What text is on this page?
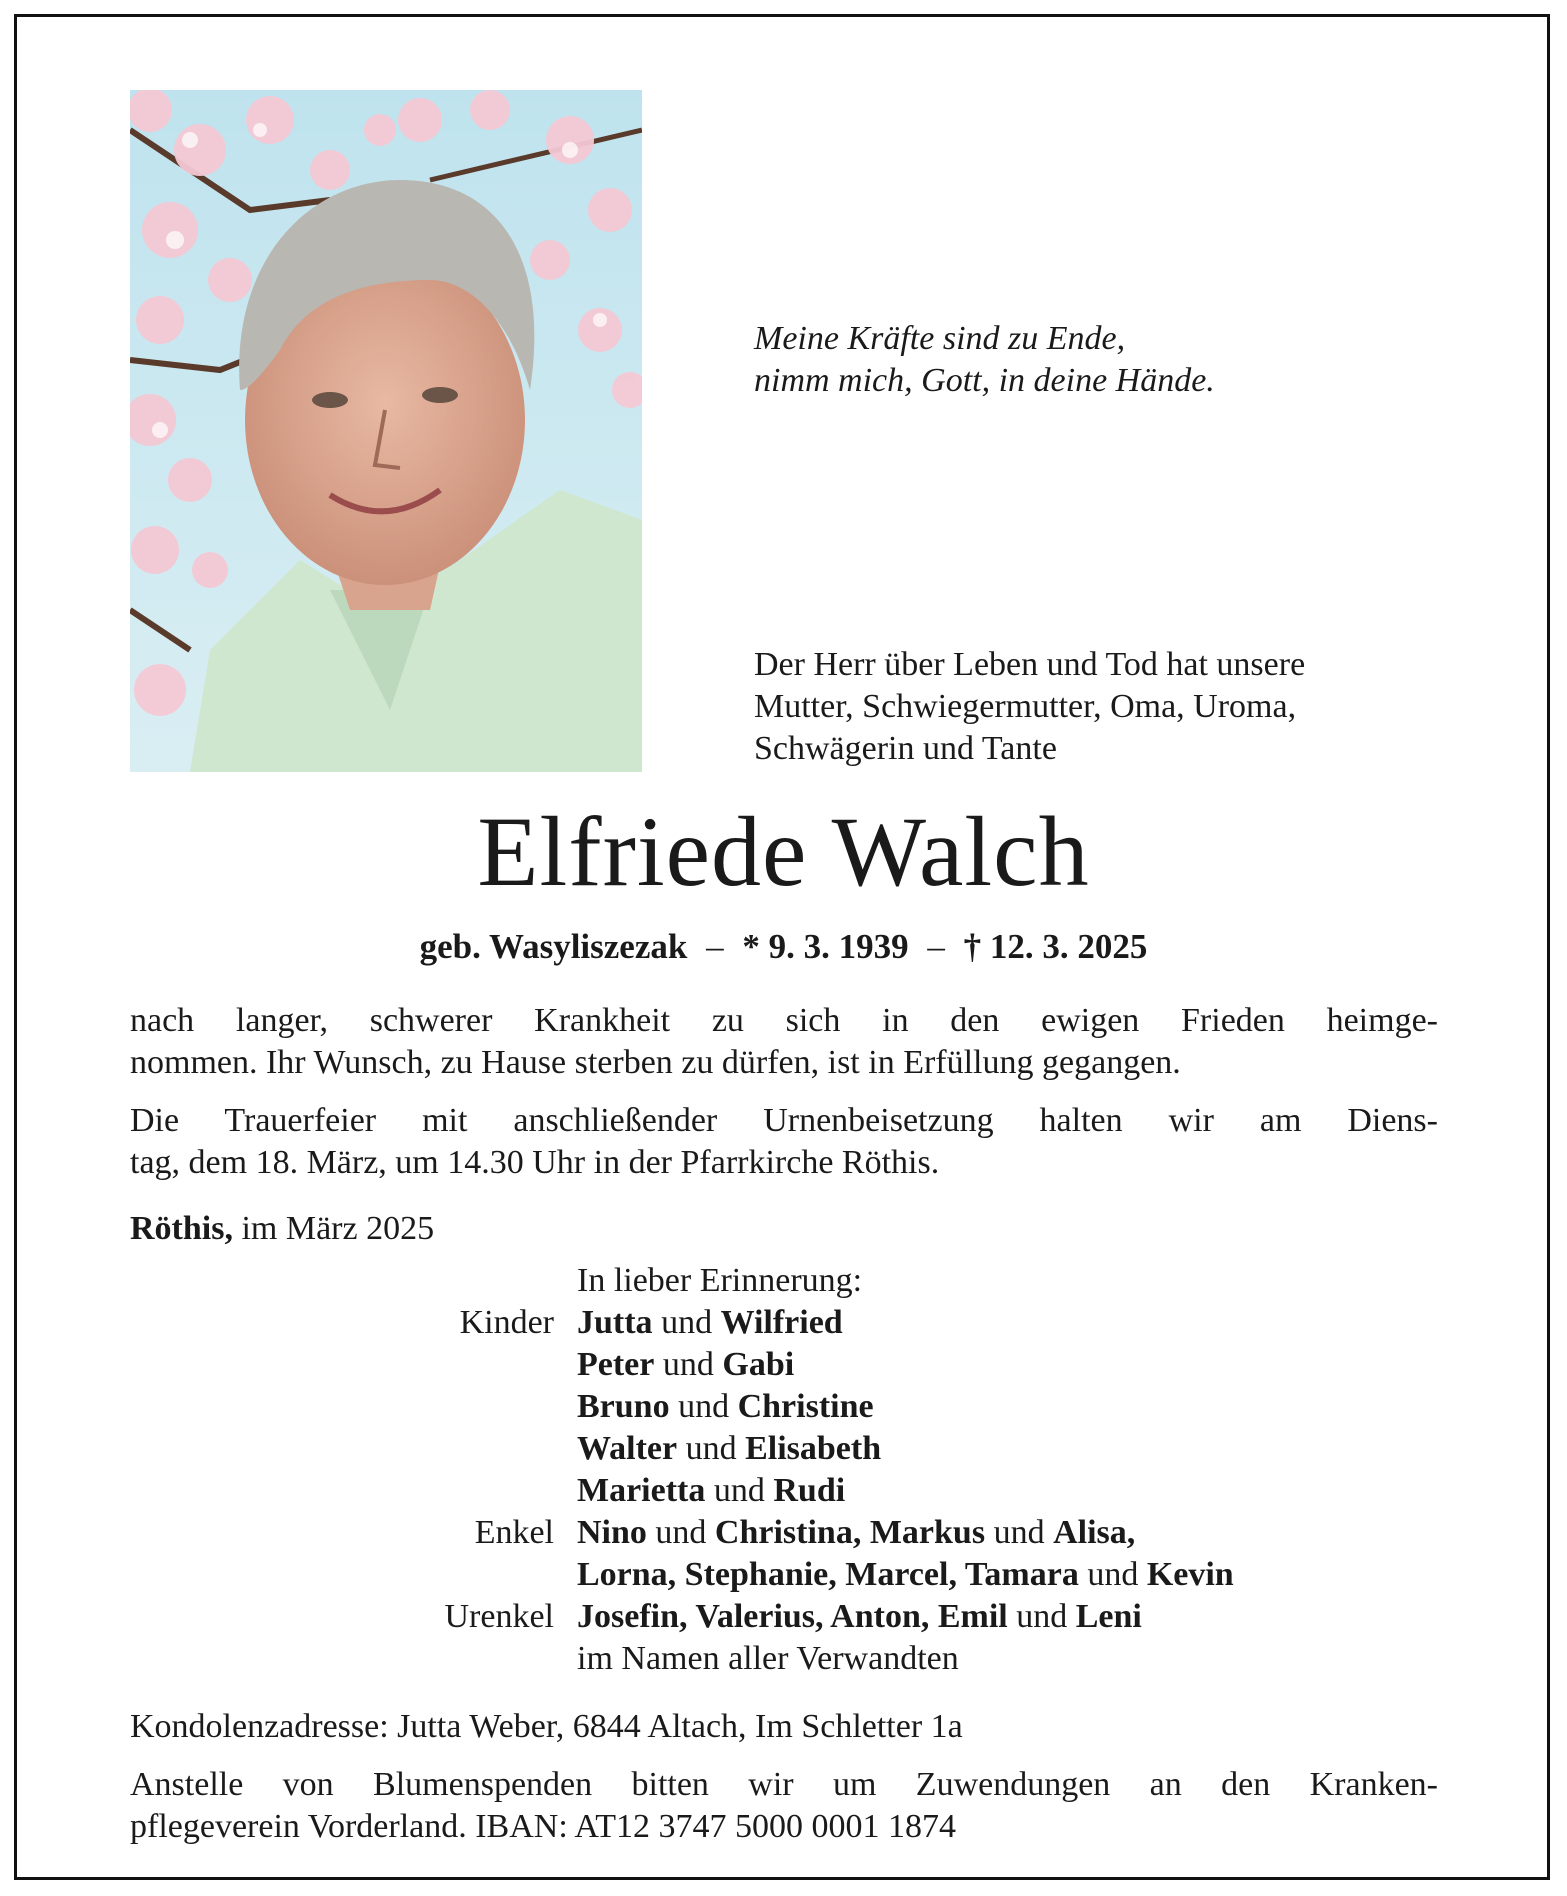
Meine Kräfte sind zu Ende,
nimm mich, Gott, in deine Hände.
Der Herr über Leben und Tod hat unsere
Mutter, Schwiegermutter, Oma, Uroma,
Schwägerin und Tante
Elfriede Walch
geb. Wasyliszezak – * 9. 3. 1939 – † 12. 3. 2025
nach langer, schwerer Krankheit zu sich in den ewigen Frieden heimge-
nommen. Ihr Wunsch, zu Hause sterben zu dürfen, ist in Erfüllung gegangen.
Die Trauerfeier mit anschließender Urnenbeisetzung halten wir am Diens-
tag, dem 18. März, um 14.30 Uhr in der Pfarrkirche Röthis.
Röthis, im März 2025
In lieber Erinnerung:
Kinder Jutta und Wilfried
Peter und Gabi
Bruno und Christine
Walter und Elisabeth
Marietta und Rudi
Enkel Nino und Christina, Markus und Alisa,
Lorna, Stephanie, Marcel, Tamara und Kevin
Urenkel Josefin, Valerius, Anton, Emil und Leni
im Namen aller Verwandten
Kondolenzadresse: Jutta Weber, 6844 Altach, Im Schletter 1a
Anstelle von Blumenspenden bitten wir um Zuwendungen an den Kranken-
pflegeverein Vorderland. IBAN: AT12 3747 5000 0001 1874
